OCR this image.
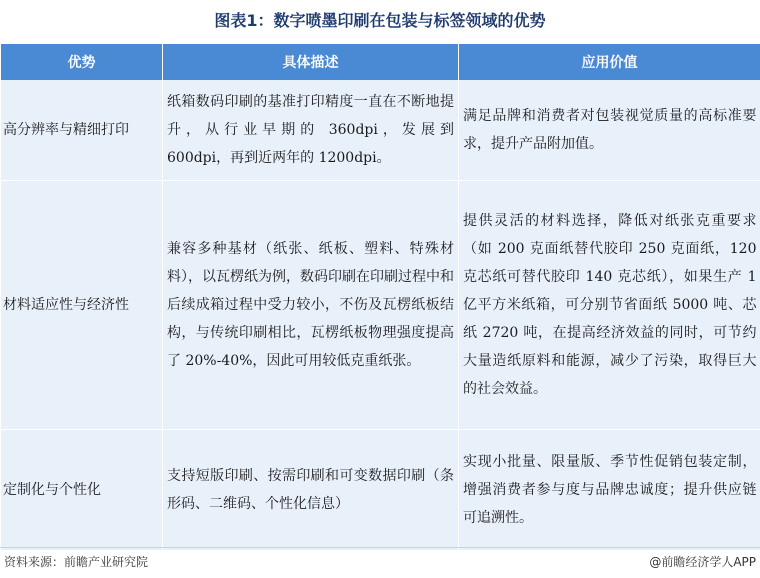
图表1：数字喷墨印刷在包装与标签领域的优势
优势	具体描述	应用价值
高分辨率与精细打印	纸箱数码印刷的基准打印精度一直在不断地提升，从行业早期的 360dpi，发展到 600dpi，再到近两年的 1200dpi。	满足品牌和消费者对包装视觉质量的高标准要求，提升产品附加值。
材料适应性与经济性	兼容多种基材（纸张、纸板、塑料、特殊材料），以瓦楞纸为例，数码印刷在印刷过程中和后续成箱过程中受力较小，不伤及瓦楞纸板结构，与传统印刷相比，瓦楞纸板物理强度提高了 20%-40%，因此可用较低克重纸张。	提供灵活的材料选择，降低对纸张克重要求（如 200 克面纸替代胶印 250 克面纸，120 克芯纸可替代胶印 140 克芯纸），如果生产 1 亿平方米纸箱，可分别节省面纸 5000 吨、芯纸 2720 吨，在提高经济效益的同时，可节约大量造纸原料和能源，减少了污染，取得巨大的社会效益。
定制化与个性化	支持短版印刷、按需印刷和可变数据印刷（条形码、二维码、个性化信息）	实现小批量、限量版、季节性促销包装定制，增强消费者参与度与品牌忠诚度；提升供应链可追溯性。
资料来源：前瞻产业研究院	@前瞻经济学人APP
